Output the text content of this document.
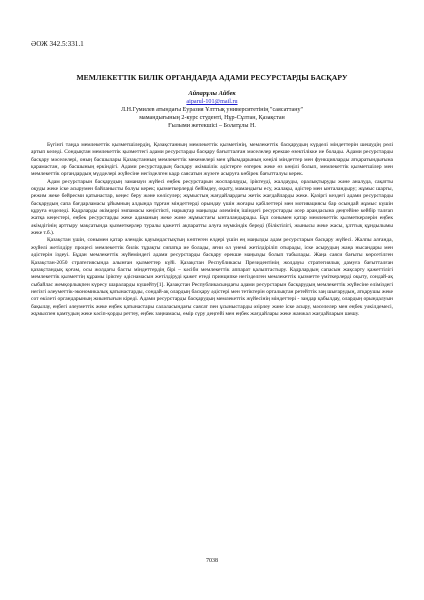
ӘОЖ 342.5:331.1
МЕМЛЕКЕТТІК БИЛІК ОРГАНДАРДА АДАМИ РЕСУРСТАРДЫ БАСҚАРУ
Айпарұлы Айбек
aiparul-101@mail.ru
Л.Н.Гумилев атындағы Еуразия Ұлттық университетінің "саясаттану"
мамандығының 2-курс студенті, Нұр-Сұлтан, Қазақстан
Ғылыми жетекшісі – Болатұлы Н.

Бүгінгі таңда мемлекеттік қызметшілердің, Қазақстанның мемлекеттік қызметінің, мемлекеттік басқарудың күрделі міндеттерін шешудің рөлі артып келеді. Сондықтан мемлекеттік қызметтегі адами ресурстарды басқару бағытталған мәселелер ерекше өзектілікке ие болады. Адами ресурстарды басқару мәселелері, оның басшылары Қазақстанның мемлекеттік мекемелері мен ұйымдарының көңілі міндеттер мен функцияларды атқаратындығына қарамастан, әр басшының еркіндігі. Адами ресурстардың басқару әкімшілік әдістерге өзгерек жеке өз көңілі болып, мемлекеттік қызметшілер мен мемлекеттік органдардың мүдделері жүйесіне негізделген кадр саясатын жүзеге асыруға көбірек бағытталуы керек.

Адам ресурстарын басқарудың заманауи жүйесі еңбек ресурстарын жоспарлауды, іріктеуді, жалдауды, оралықтыруды және аналуда, сақатты оқуды жеке іске асырумен байланысты болуы керек; қызметкерлерді бейімдеу, оқыту, мамандығы есу, жалақы, әдістер мен ынталандыру; жұмыс шарты, режим жеке бейресми қатынастар, кеңес беру және көлісулер; жұмыстың жағдайлардағы жетік жағдайларды жеке. Қазіргі кездегі адами ресурстарды басқарудың сапа бағдарламасы ұйымның алдында тұрған міндеттерді орындау үшін жоғары қабілеттері мен мотивациясы бар осындай жұмыс күшін құруға өзделеді. Кадрларды әкімдері эмпамасы кеңістікті, нарықтар маңызды әлемінің ішіндегі ресурстарды әсер арандасына деңгейіне кейбір талғап жатқа кеңестері, еңбек ресурстарды жеке адаманың жеке және жұмыстағы ынталандырады. Бұл сонымен қатар мемлекеттік қызметкерлерін еңбек әкімдігінің арттыру мақсатында қызметкерлер туралы қажетті ақпаратты алуға мүмкіндік береді (біліктілігі, жынысы жеке жасы, ұлттық құндылымы жеке т.б.).

Қазақстан үшін, сонымен қатар әлемдік қауымдастықтың көптеген елдері үшін ең маңызды адам ресурстарын басқару жүйесі. Жалпы алғанда, жүйелі жетілдіру процесі мемлекеттік билік тұрақты сипатқа ие болады, яғни ол үнемі жетілдіріліп отырады, іске асырудың жаңа нысандары мен әдістерін іздеуі. Бұдан мемлекеттік жүйеміндегі адами ресурстарды басқару ерекше маңызды болып табылады. Жаңа саяси бағыты көрсетілген Қазақстан-2050 стратегиясында алынған қызметтер күйі. Қазақстан Республикасы Президентінің жолдауы стратегиялық дамуға бағытталған қазақстандық қоғам, осы жолдағы басты міндеттердің бірі – кәсіби мемлекеттік аппарат қалыптастыру. Кадрлардың сапасын жақсарту қажеттілігі мемлекеттік қызметтің құрамы іріктеу әдіснамасын жетілдіруді қажет етеді принципке негізделген мемлекеттік қызметте үміткерлерді оқыту, сондай-ақ сыбайлас жемқорлықпен күресу шараларды күшейту[1]. Қазақстан Республикасындағы адами ресурстарын басқарудың мемлекеттік жүйесіне еліміздегі негізгі әлеуметтік-экономикалық қатынастарды, сондай-ақ олардың басқару әдістері мен тетіктерін орталықтан ретейттік заң шығарудың, атқарушы жеке сот өкілеті органдарының жиынтығын кіреді. Адами ресурстарды басқарудың мемлекеттік жүйесінің міндеттері - заңдар қабылдау, олардың орындалуын бақылау, еңбегі әлеуметтік жеке еңбек қатынастары салаласындағы саясат пен ұсыныстарды әзірлеу және іске асыру, мәселелер мен еңбек уәкілдемесі, жұмыспен қамтудың жеке кәсіп-қорды реттеу, еңбек заңнамасы, өмір сүру деңгейі мен еңбек жағдайлары жеке жанжал жағдайларын шешу.

7038
